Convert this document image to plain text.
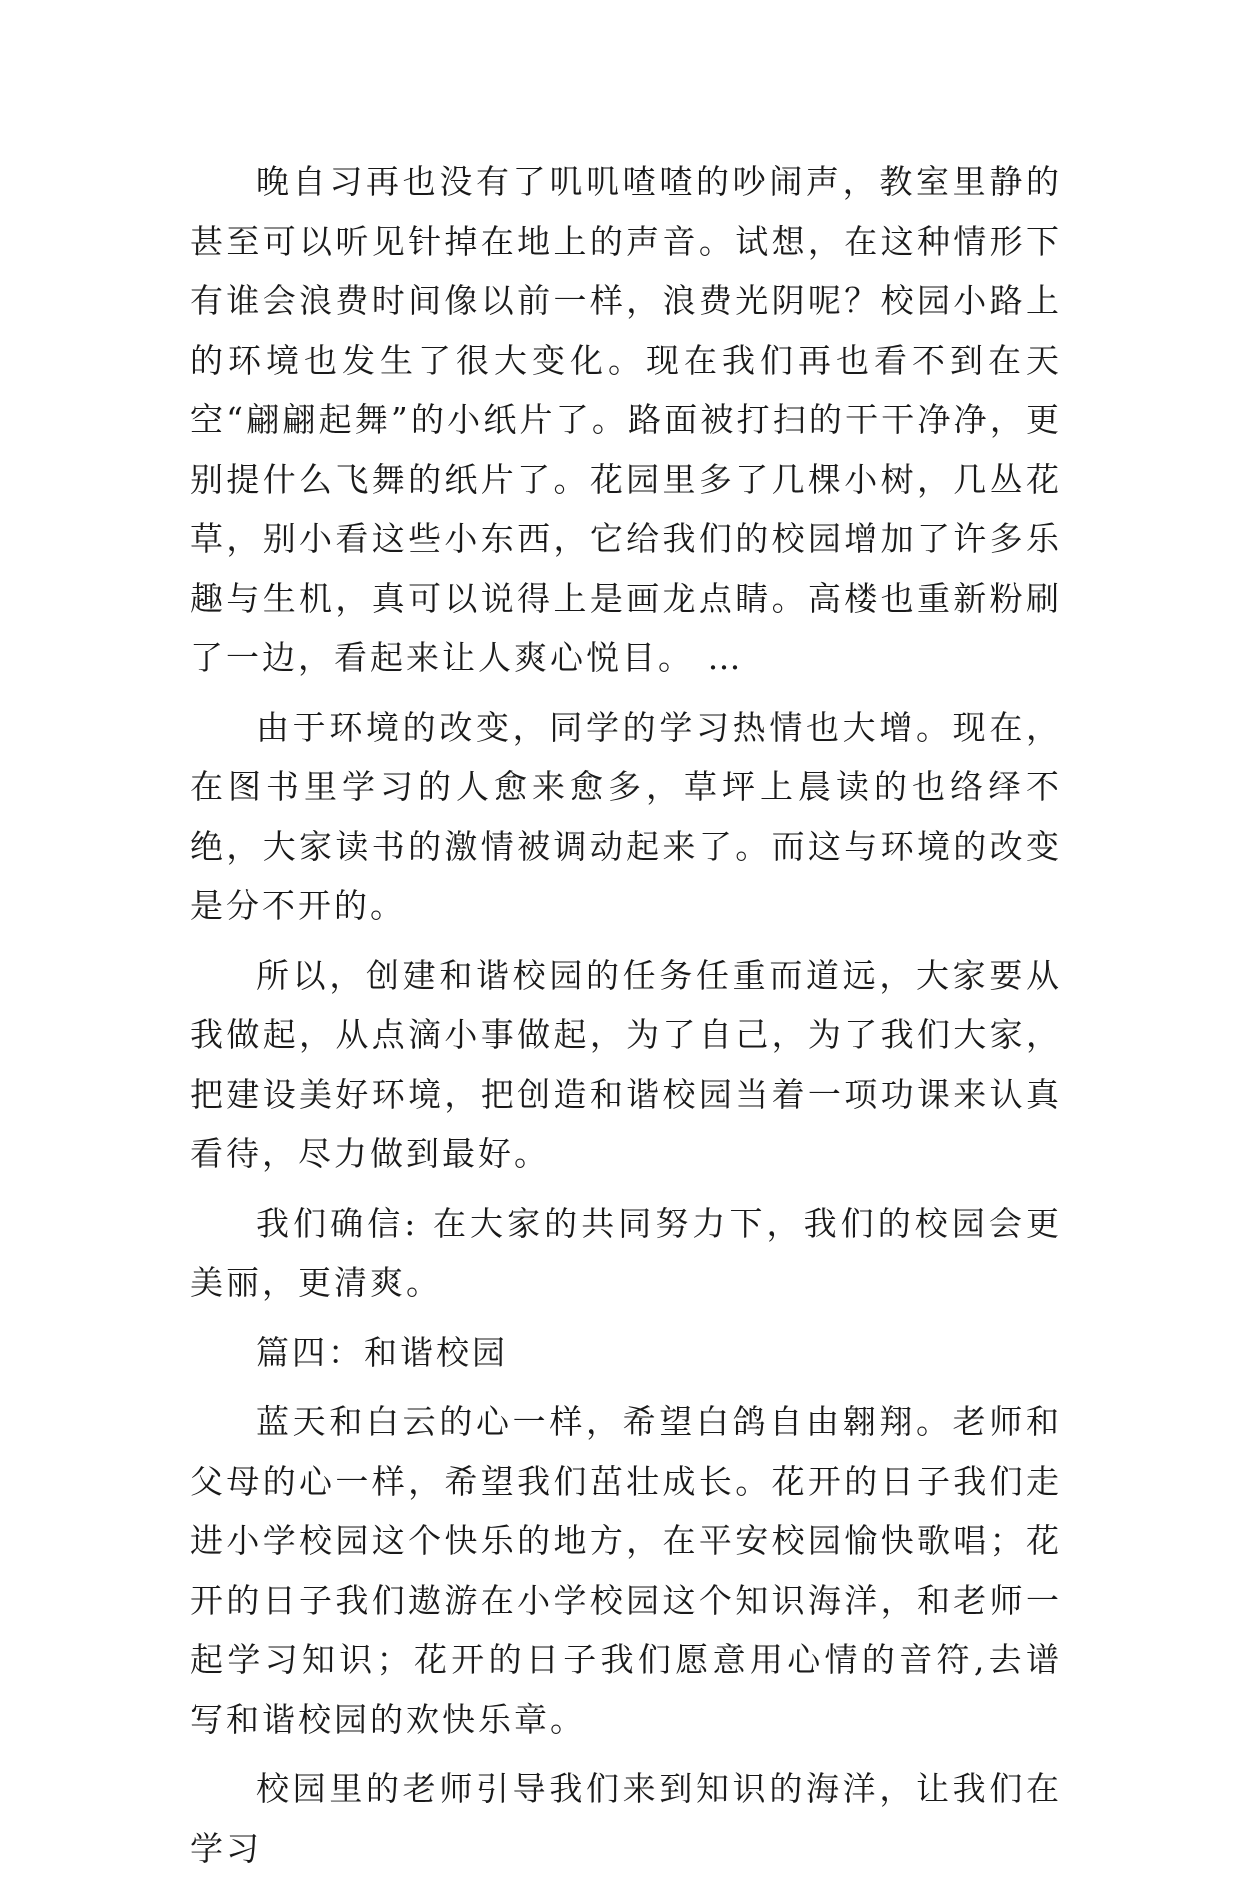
晚自习再也没有了叽叽喳喳的吵闹声，教室里静的甚至可以听见针掉在地上的声音。试想，在这种情形下有谁会浪费时间像以前一样，浪费光阴呢？校园小路上的环境也发生了很大变化。现在我们再也看不到在天空“翩翩起舞”的小纸片了。路面被打扫的干干净净，更别提什么飞舞的纸片了。花园里多了几棵小树，几丛花草，别小看这些小东西，它给我们的校园增加了许多乐趣与生机，真可以说得上是画龙点睛。高楼也重新粉刷了一边，看起来让人爽心悦目。 …

由于环境的改变，同学的学习热情也大增。现在，在图书里学习的人愈来愈多，草坪上晨读的也络绎不绝，大家读书的激情被调动起来了。而这与环境的改变是分不开的。

所以，创建和谐校园的任务任重而道远，大家要从我做起，从点滴小事做起，为了自己，为了我们大家，把建设美好环境，把创造和谐校园当着一项功课来认真看待，尽力做到最好。

我们确信: 在大家的共同努力下，我们的校园会更美丽，更清爽。

篇四：和谐校园

蓝天和白云的心一样，希望白鸽自由翱翔。老师和父母的心一样，希望我们茁壮成长。花开的日子我们走进小学校园这个快乐的地方，在平安校园愉快歌唱；花开的日子我们遨游在小学校园这个知识海洋，和老师一起学习知识；花开的日子我们愿意用心情的音符,去谱写和谐校园的欢快乐章。

校园里的老师引导我们来到知识的海洋，让我们在学习
